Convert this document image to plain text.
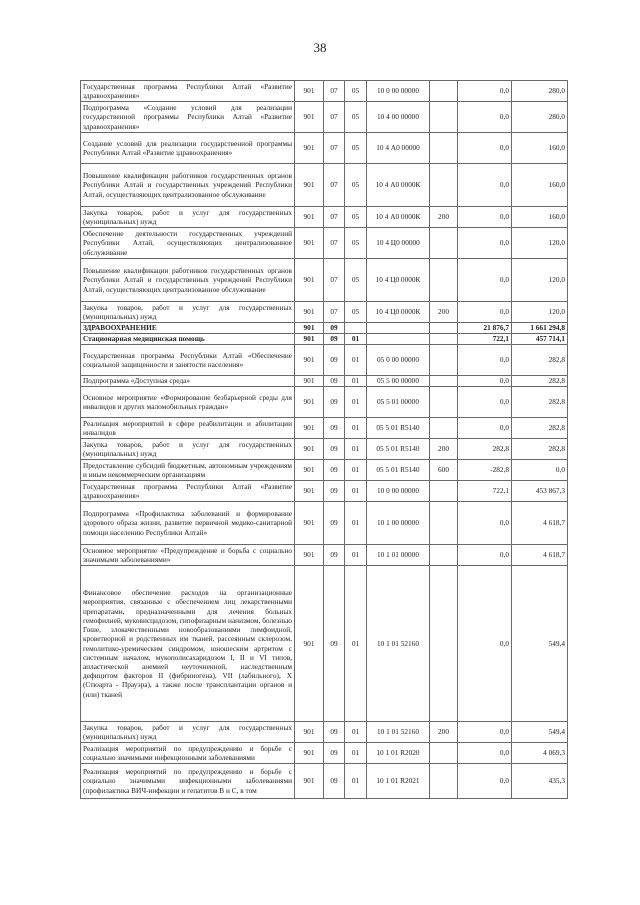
38
Государственная программа Республики Алтай «Развитие здравоохранения»	901	07	05	10 0 00 00000		0,0	280,0
Подпрограмма «Создание условий для реализации государственной программы Республики Алтай «Развитие здравоохранения»	901	07	05	10 4 00 00000		0,0	280,0
Создание условий для реализации государственной программы Республики Алтай «Развитие здравоохранения»	901	07	05	10 4 А0 00000		0,0	160,0
Повышение квалификации работников государственных органов Республики Алтай и государственных учреждений Республики Алтай, осуществляющих централизованное обслуживание	901	07	05	10 4 А0 0000К		0,0	160,0
Закупка товаров, работ и услуг для государственных (муниципальных) нужд	901	07	05	10 4 А0 0000К	200	0,0	160,0
Обеспечение деятельности государственных учреждений Республики Алтай, осуществляющих централизованное обслуживание	901	07	05	10 4 Ц0 00000		0,0	120,0
Повышение квалификации работников государственных органов Республики Алтай и государственных учреждений Республики Алтай, осуществляющих централизованное обслуживание	901	07	05	10 4 Ц0 0000К		0,0	120,0
Закупка товаров, работ и услуг для государственных (муниципальных) нужд	901	07	05	10 4 Ц0 0000К	200	0,0	120,0
ЗДРАВООХРАНЕНИЕ	901	09				21 876,7	1 661 294,8
Стационарная медицинская помощь	901	09	01			722,1	457 714,1
Государственная программа Республики Алтай «Обеспечение социальной защищенности и занятости населения»	901	09	01	05 0 00 00000		0,0	282,8
Подпрограмма «Доступная среда»	901	09	01	05 5 00 00000		0,0	282,8
Основное мероприятие «Формирование безбарьерной среды для инвалидов и других маломобильных граждан»	901	09	01	05 5 01 00000		0,0	282,8
Реализация мероприятий в сфере реабилитации и абилитации инвалидов	901	09	01	05 5 01 R5140		0,0	282,8
Закупка товаров, работ и услуг для государственных (муниципальных) нужд	901	09	01	05 5 01 R5140	200	282,8	282,8
Предоставление субсидий бюджетным, автономным учреждениям и иным некоммерческим организациям	901	09	01	05 5 01 R5140	600	-282,8	0,0
Государственная программа Республики Алтай «Развитие здравоохранения»	901	09	01	10 0 00 00000		722,1	453 867,3
Подпрограмма «Профилактика заболеваний и формирование здорового образа жизни, развитие первичной медико-санитарной помощи населению Республики Алтай»	901	09	01	10 1 00 00000		0,0	4 618,7
Основное мероприятие «Предупреждение и борьба с социально значимыми заболеваниями»	901	09	01	10 1 01 00000		0,0	4 618,7
Финансовое обеспечение расходов на организационные мероприятия, связанные с обеспечением лиц лекарственными препаратами, предназначенными для лечения больных гемофилией, муковисцидозом, гипофизарным нанизмом, болезнью Гоше, злокачественными новообразованиями лимфоидной, кроветворной и родственных им тканей, рассеянным склерозом, гемолитико-уремическим синдромом, юношеским артритом с системным началом, мукополисахаридозом I, II и VI типов, апластической анемией неуточненной, наследственным дефицитом факторов II (фибриногена), VII (лабильного), X (Стюарта - Прауэра), а также после трансплантации органов и (или) тканей	901	09	01	10 1 01 52160		0,0	549,4
Закупка товаров, работ и услуг для государственных (муниципальных) нужд	901	09	01	10 1 01 52160	200	0,0	549,4
Реализация мероприятий по предупреждению и борьбе с социально значимыми инфекционными заболеваниями	901	09	01	10 1 01 R2020		0,0	4 069,3
Реализация мероприятий по предупреждению и борьбе с социально значимыми инфекционными заболеваниями (профилактика ВИЧ-инфекции и гепатитов B и C, в том	901	09	01	10 1 01 R2021		0,0	435,3
